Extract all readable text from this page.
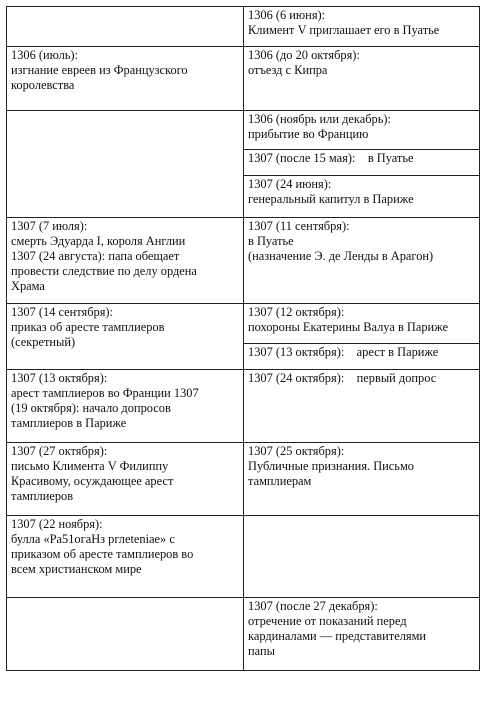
	1306 (6 июня):
Климент V приглашает его в Пуатье

1306 (июль):
изгнание евреев из Французского
королевства	1306 (до 20 октября):
отъезд с Кипра

	1306 (ноябрь или декабрь):
прибытие во Францию

	1307 (после 15 мая):    в Пуатье

	1307 (24 июня):
генеральный капитул в Париже

1307 (7 июля):
смерть Эдуарда I, короля Англии
1307 (24 августа): папа обещает
провести следствие по делу ордена
Храма	1307 (11 сентября):
в Пуатье
(назначение Э. де Ленды в Арагон)

1307 (14 сентября):
приказ об аресте тамплиеров
(секретный)	1307 (12 октября):
похороны Екатерины Валуа в Париже

	1307 (13 октября):    арест в Париже

1307 (13 октября):
арест тамплиеров во Франции 1307
(19 октября): начало допросов
тамплиеров в Париже	1307 (24 октября):    первый допрос

1307 (27 октября):
письмо Климента V Филиппу
Красивому, осуждающее арест
тамплиеров	1307 (25 октября):
Публичные признания. Письмо
тамплиерам

1307 (22 ноября):
булла «Ра51огаНз рглеtenіае» с
приказом об аресте тамплиеров во
всем христианском мире	

	1307 (после 27 декабря):
отречение от показаний перед
кардиналами — представителями
папы
